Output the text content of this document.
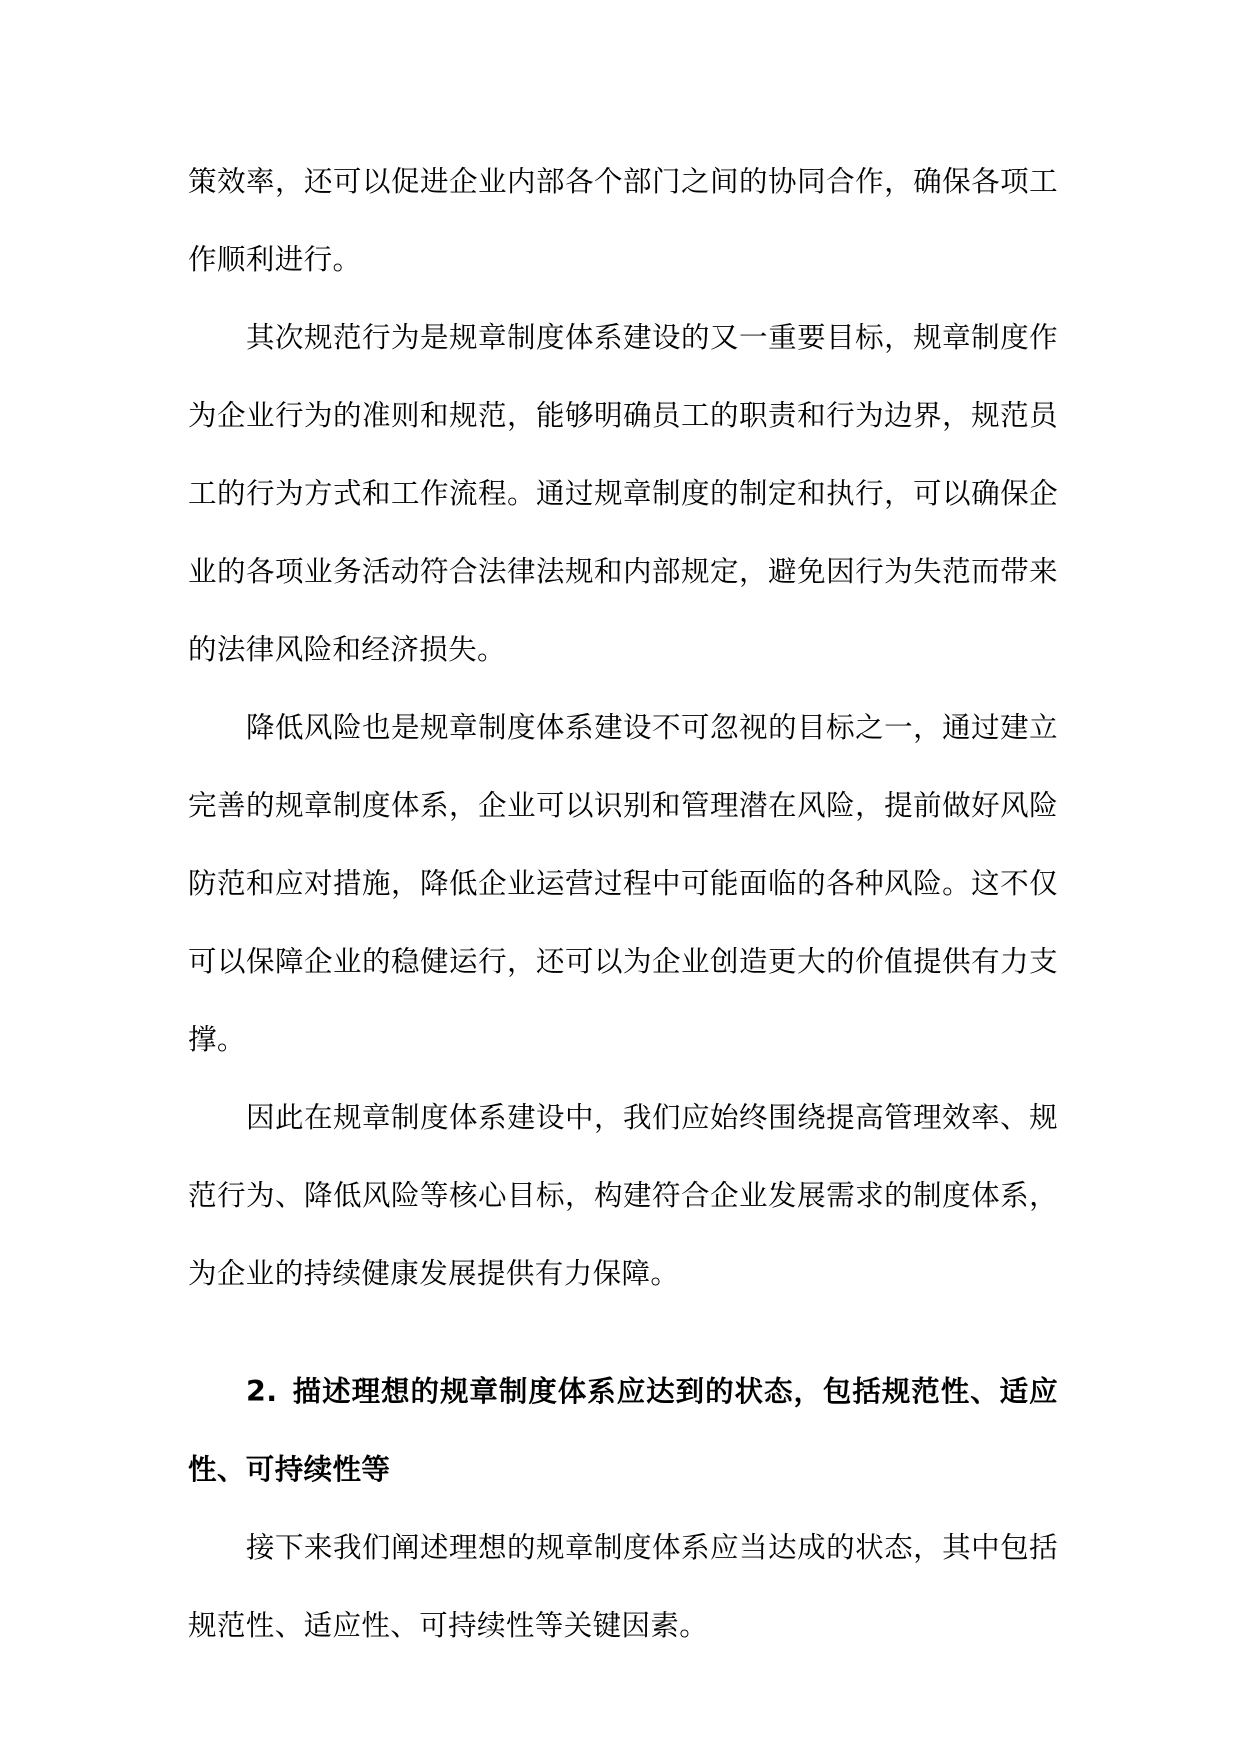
策效率，还可以促进企业内部各个部门之间的协同合作，确保各项工作顺利进行。

其次规范行为是规章制度体系建设的又一重要目标，规章制度作为企业行为的准则和规范，能够明确员工的职责和行为边界，规范员工的行为方式和工作流程。通过规章制度的制定和执行，可以确保企业的各项业务活动符合法律法规和内部规定，避免因行为失范而带来的法律风险和经济损失。

降低风险也是规章制度体系建设不可忽视的目标之一，通过建立完善的规章制度体系，企业可以识别和管理潜在风险，提前做好风险防范和应对措施，降低企业运营过程中可能面临的各种风险。这不仅可以保障企业的稳健运行，还可以为企业创造更大的价值提供有力支撑。

因此在规章制度体系建设中，我们应始终围绕提高管理效率、规范行为、降低风险等核心目标，构建符合企业发展需求的制度体系，为企业的持续健康发展提供有力保障。

2.  描述理想的规章制度体系应达到的状态，包括规范性、适应性、可持续性等

接下来我们阐述理想的规章制度体系应当达成的状态，其中包括规范性、适应性、可持续性等关键因素。
